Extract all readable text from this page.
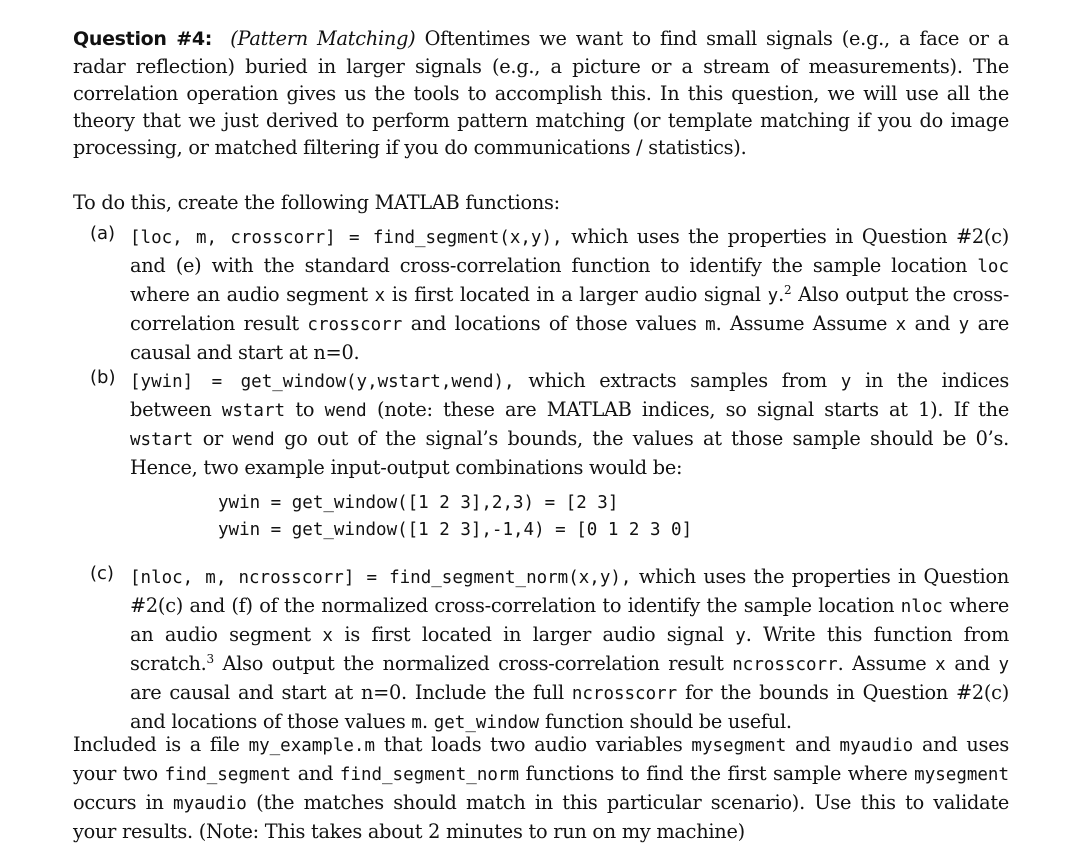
Question #4: (Pattern Matching) Oftentimes we want to find small signals (e.g., a face or a radar reflection) buried in larger signals (e.g., a picture or a stream of measurements). The correlation operation gives us the tools to accomplish this. In this question, we will use all the theory that we just derived to perform pattern matching (or template matching if you do image processing, or matched filtering if you do communications / statistics).

To do this, create the following MATLAB functions:

(a) [loc, m, crosscorr] = find_segment(x,y), which uses the properties in Question #2(c) and (e) with the standard cross-correlation function to identify the sample location loc where an audio segment x is first located in a larger audio signal y.$^2$ Also output the cross-correlation result crosscorr and locations of those values m. Assume Assume x and y are causal and start at n=0.

(b) [ywin] = get_window(y,wstart,wend), which extracts samples from y in the indices between wstart to wend (note: these are MATLAB indices, so signal starts at 1). If the wstart or wend go out of the signal’s bounds, the values at those sample should be 0’s. Hence, two example input-output combinations would be:

ywin = get_window([1 2 3],2,3) = [2 3]
ywin = get_window([1 2 3],-1,4) = [0 1 2 3 0]
(c) [nloc, m, ncrosscorr] = find_segment_norm(x,y), which uses the properties in Question #2(c) and (f) of the normalized cross-correlation to identify the sample location nloc where an audio segment x is first located in larger audio signal y. Write this function from scratch.$^3$ Also output the normalized cross-correlation result ncrosscorr. Assume x and y are causal and start at n=0. Include the full ncrosscorr for the bounds in Question #2(c) and locations of those values m. get_window function should be useful.

Included is a file my_example.m that loads two audio variables mysegment and myaudio and uses your two find_segment and find_segment_norm functions to find the first sample where mysegment occurs in myaudio (the matches should match in this particular scenario). Use this to validate your results. (Note: This takes about 2 minutes to run on my machine)
